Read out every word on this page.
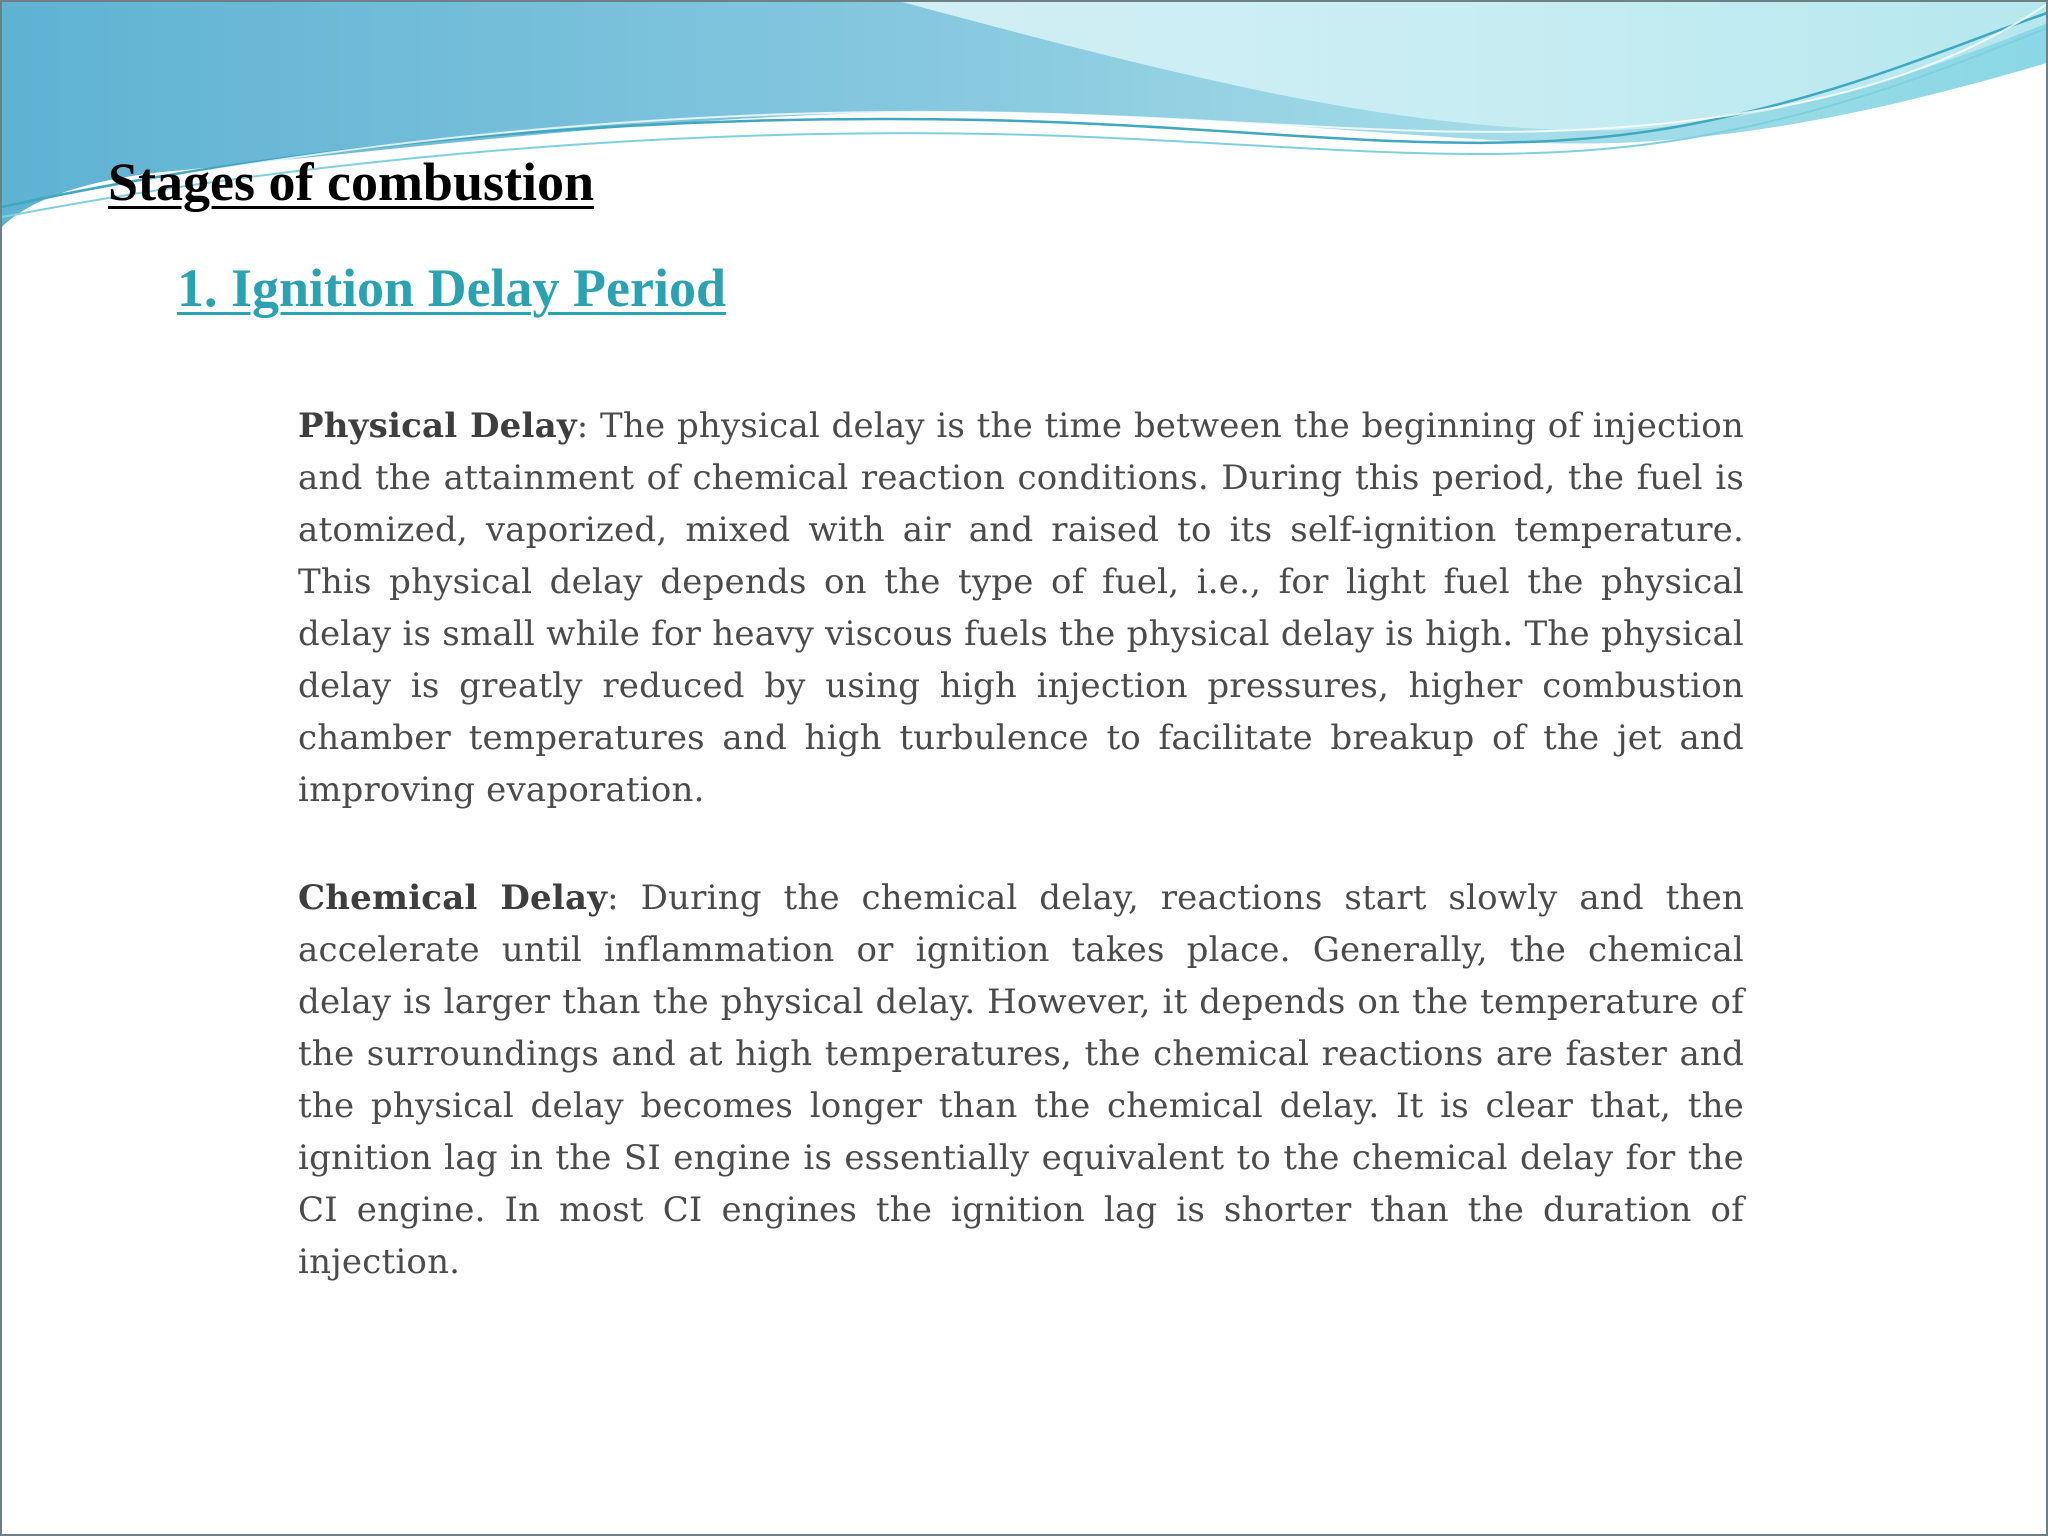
Stages of combustion
1. Ignition Delay Period

Physical Delay: The physical delay is the time between the beginning of injection and the attainment of chemical reaction conditions. During this period, the fuel is atomized, vaporized, mixed with air and raised to its self-ignition temperature. This physical delay depends on the type of fuel, i.e., for light fuel the physical delay is small while for heavy viscous fuels the physical delay is high. The physical delay is greatly reduced by using high injection pressures, higher combustion chamber temperatures and high turbulence to facilitate breakup of the jet and improving evaporation.

Chemical Delay: During the chemical delay, reactions start slowly and then accelerate until inflammation or ignition takes place. Generally, the chemical delay is larger than the physical delay. However, it depends on the temperature of the surroundings and at high temperatures, the chemical reactions are faster and the physical delay becomes longer than the chemical delay. It is clear that, the ignition lag in the SI engine is essentially equivalent to the chemical delay for the CI engine. In most CI engines the ignition lag is shorter than the duration of injection.
